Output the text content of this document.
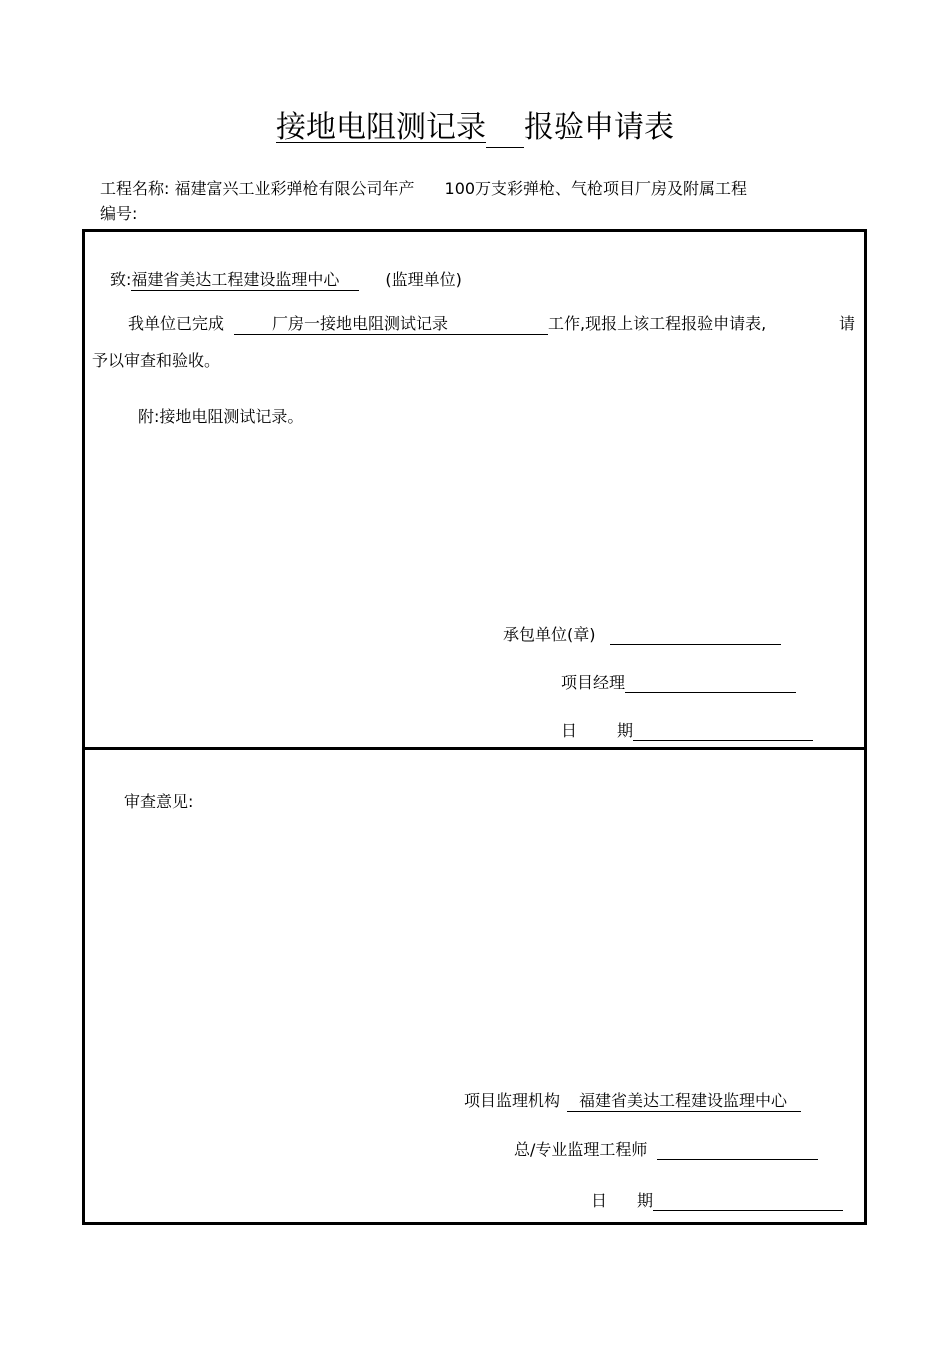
接地电阻测记录 报验申请表
工程名称: 福建富兴工业彩弹枪有限公司年产 100万支彩弹枪、气枪项目厂房及附属工程
编号:
致:福建省美达工程建设监理中心	(监理单位)
我单位已完成	厂房一接地电阻测试记录	工作,现报上该工程报验申请表,	请
予以审查和验收。
附:接地电阻测试记录。
承包单位(章)
项目经理
日	期
审查意见:
项目监理机构 福建省美达工程建设监理中心
总/专业监理工程师
日 期
